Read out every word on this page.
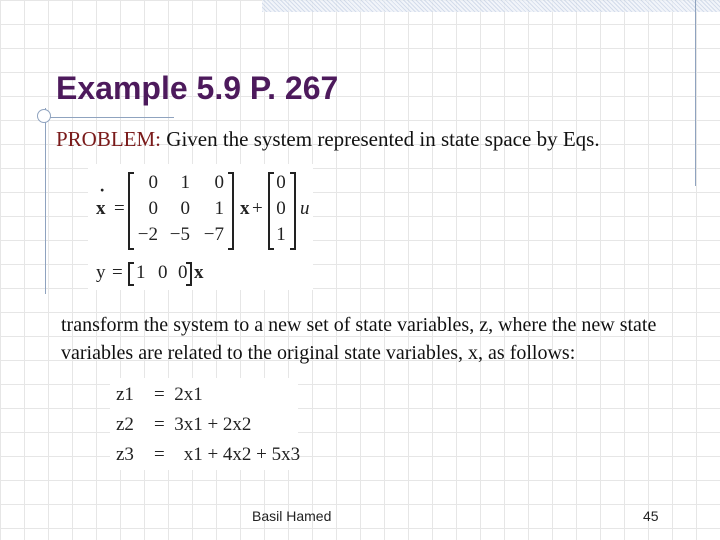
Example 5.9 P. 267
PROBLEM: Given the system represented in state space by Eqs.
˙ x =
0	1	0
0	0	1
−2 −5 −7
x +
0
0
1
u
y = 1 0 0 x

transform the system to a new set of state variables, z, where the new state variables are related to the original state variables, x, as follows:

z1 =  2x1
z2 =  3x1 + 2x2
z3 =    x1 + 4x2 + 5x3
Basil Hamed	45
